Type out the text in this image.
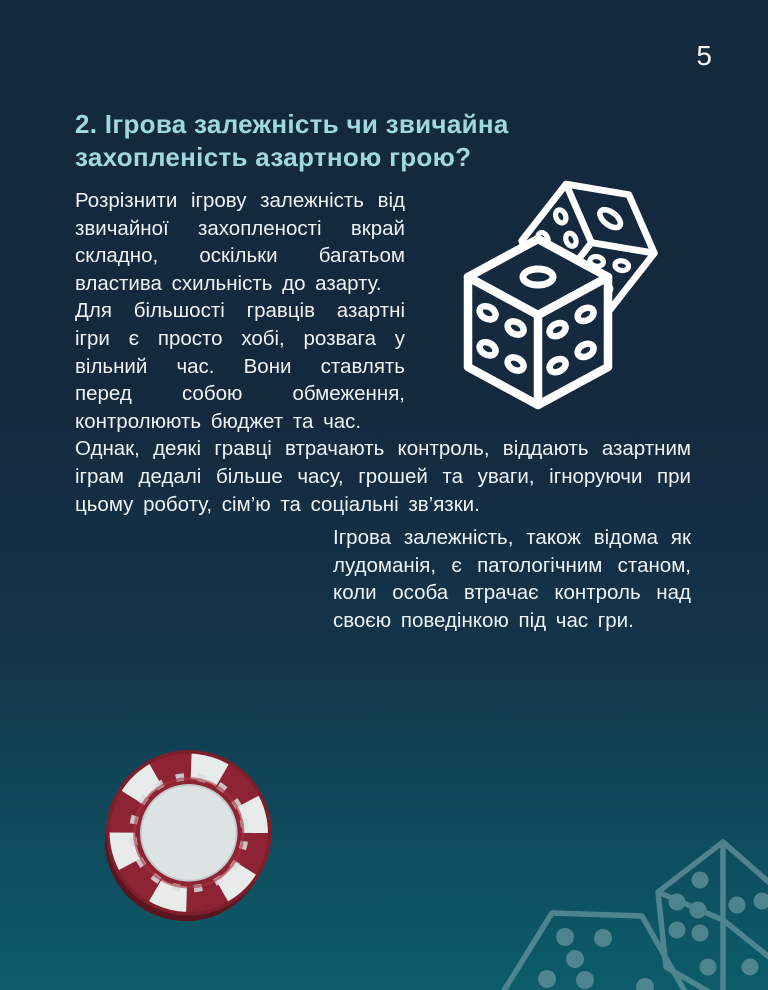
5
2. Ігрова залежність чи звичайна захопленість азартною грою?

Розрізнити ігрову залежність від звичайної захопленості вкрай складно, оскільки багатьом властива схильність до азарту.

Для більшості гравців азартні ігри є просто хобі, розвага у вільний час. Вони ставлять перед собою обмеження, контролюють бюджет та час.

Однак, деякі гравці втрачають контроль, віддають азартним іграм дедалі більше часу, грошей та уваги, ігноруючи при цьому роботу, сім’ю та соціальні зв’язки.

Ігрова залежність, також відома як лудоманія, є патологічним станом, коли особа втрачає контроль над своєю поведінкою під час гри.
